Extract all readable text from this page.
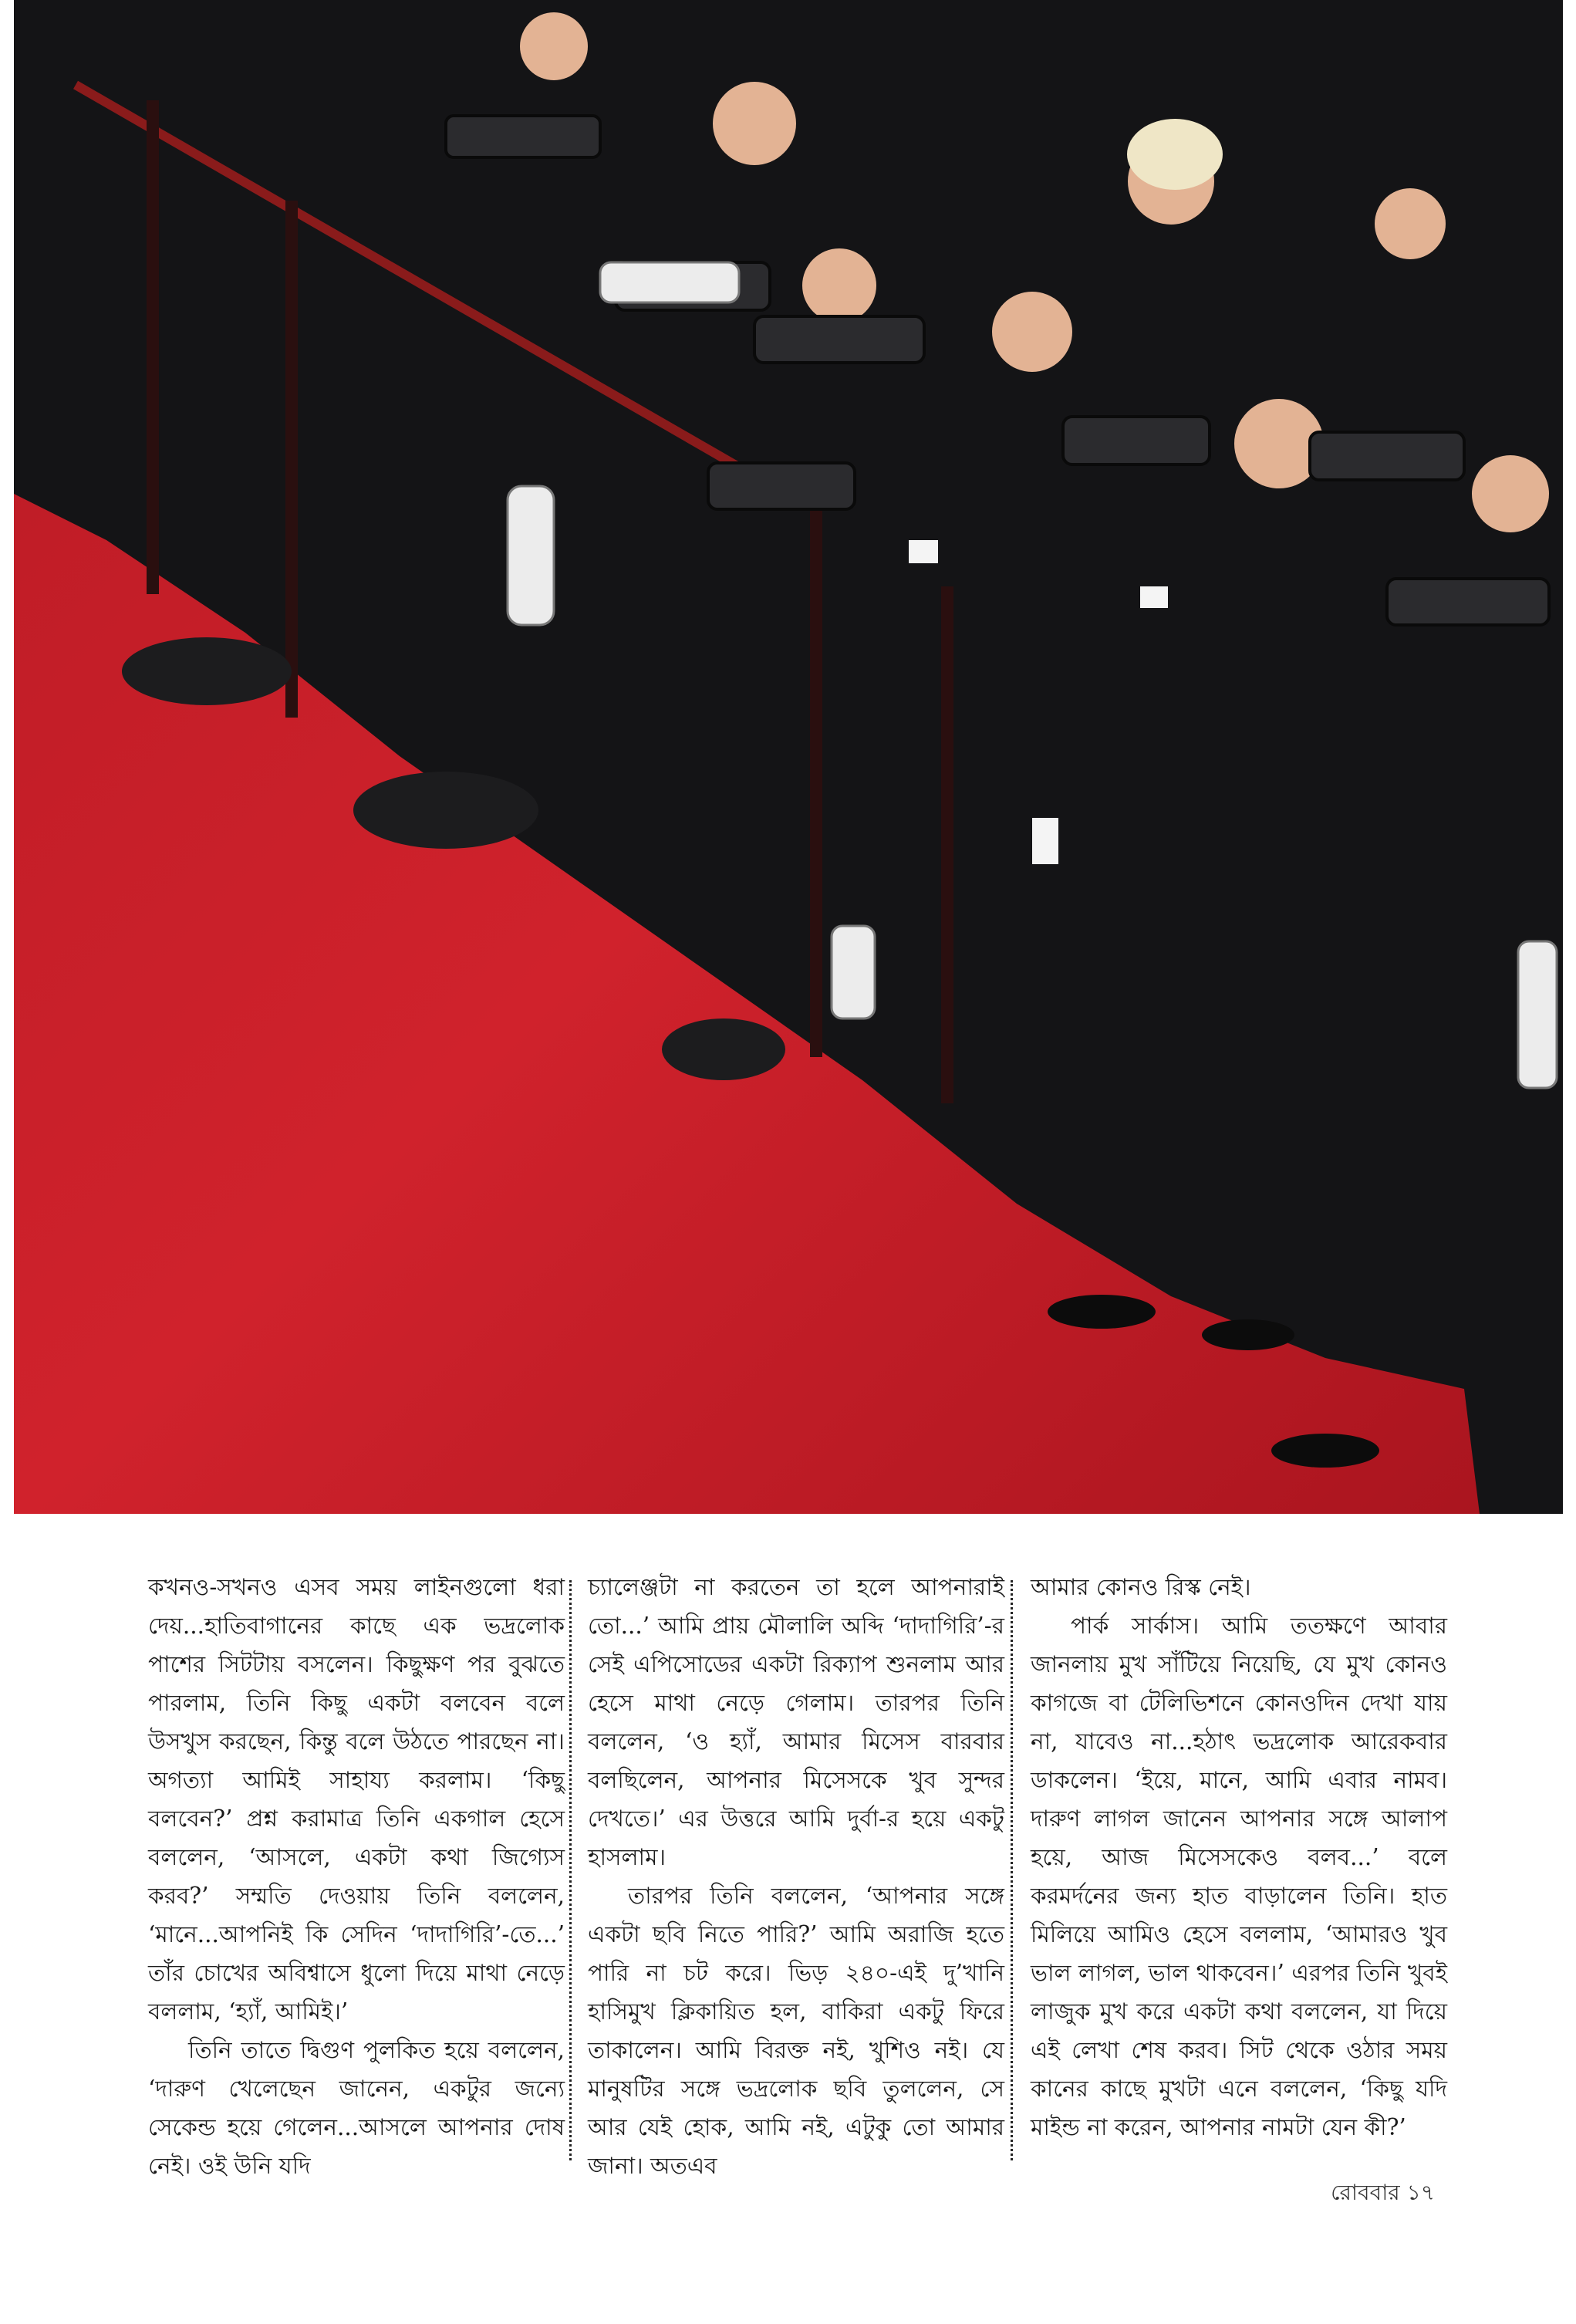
কখনও-সখনও এসব সময় লাইনগুলো ধরা দেয়...হাতিবাগানের কাছে এক ভদ্রলোক পাশের সিটটায় বসলেন। কিছুক্ষণ পর বুঝতে পারলাম, তিনি কিছু একটা বলবেন বলে উসখুস করছেন, কিন্তু বলে উঠতে পারছেন না। অগত্যা আমিই সাহায্য করলাম। ‘কিছু বলবেন?’ প্রশ্ন করামাত্র তিনি একগাল হেসে বললেন, ‘আসলে, একটা কথা জিগ্যেস করব?’ সম্মতি দেওয়ায় তিনি বললেন, ‘মানে...আপনিই কি সেদিন ‘দাদাগিরি’-তে...’ তাঁর চোখের অবিশ্বাসে ধুলো দিয়ে মাথা নেড়ে বললাম, ‘হ্যাঁ, আমিই।’

তিনি তাতে দ্বিগুণ পুলকিত হয়ে বললেন, ‘দারুণ খেলেছেন জানেন, একটুর জন্যে সেকেন্ড হয়ে গেলেন...আসলে আপনার দোষ নেই। ওই উনি যদি

চ্যালেঞ্জটা না করতেন তা হলে আপনারাই তো...’ আমি প্রায় মৌলালি অব্দি ‘দাদাগিরি’-র সেই এপিসোডের একটা রিক্যাপ শুনলাম আর হেসে মাথা নেড়ে গেলাম। তারপর তিনি বললেন, ‘ও হ্যাঁ, আমার মিসেস বারবার বলছিলেন, আপনার মিসেসকে খুব সুন্দর দেখতে।’ এর উত্তরে আমি দুর্বা-র হয়ে একটু হাসলাম।

তারপর তিনি বললেন, ‘আপনার সঙ্গে একটা ছবি নিতে পারি?’ আমি অরাজি হতে পারি না চট করে। ভিড় ২৪০-এই দু’খানি হাসিমুখ ক্লিকায়িত হল, বাকিরা একটু ফিরে তাকালেন। আমি বিরক্ত নই, খুশিও নই। যে মানুষটির সঙ্গে ভদ্রলোক ছবি তুললেন, সে আর যেই হোক, আমি নই, এটুকু তো আমার জানা। অতএব

আমার কোনও রিস্ক নেই।

পার্ক সার্কাস। আমি ততক্ষণে আবার জানলায় মুখ সাঁটিয়ে নিয়েছি, যে মুখ কোনও কাগজে বা টেলিভিশনে কোনওদিন দেখা যায় না, যাবেও না...হঠাৎ ভদ্রলোক আরেকবার ডাকলেন। ‘ইয়ে, মানে, আমি এবার নামব। দারুণ লাগল জানেন আপনার সঙ্গে আলাপ হয়ে, আজ মিসেসকেও বলব...’ বলে করমর্দনের জন্য হাত বাড়ালেন তিনি। হাত মিলিয়ে আমিও হেসে বললাম, ‘আমারও খুব ভাল লাগল, ভাল থাকবেন।’ এরপর তিনি খুবই লাজুক মুখ করে একটা কথা বললেন, যা দিয়ে এই লেখা শেষ করব। সিট থেকে ওঠার সময় কানের কাছে মুখটা এনে বললেন, ‘কিছু যদি মাইন্ড না করেন, আপনার নামটা যেন কী?’

রোববার ১৭
